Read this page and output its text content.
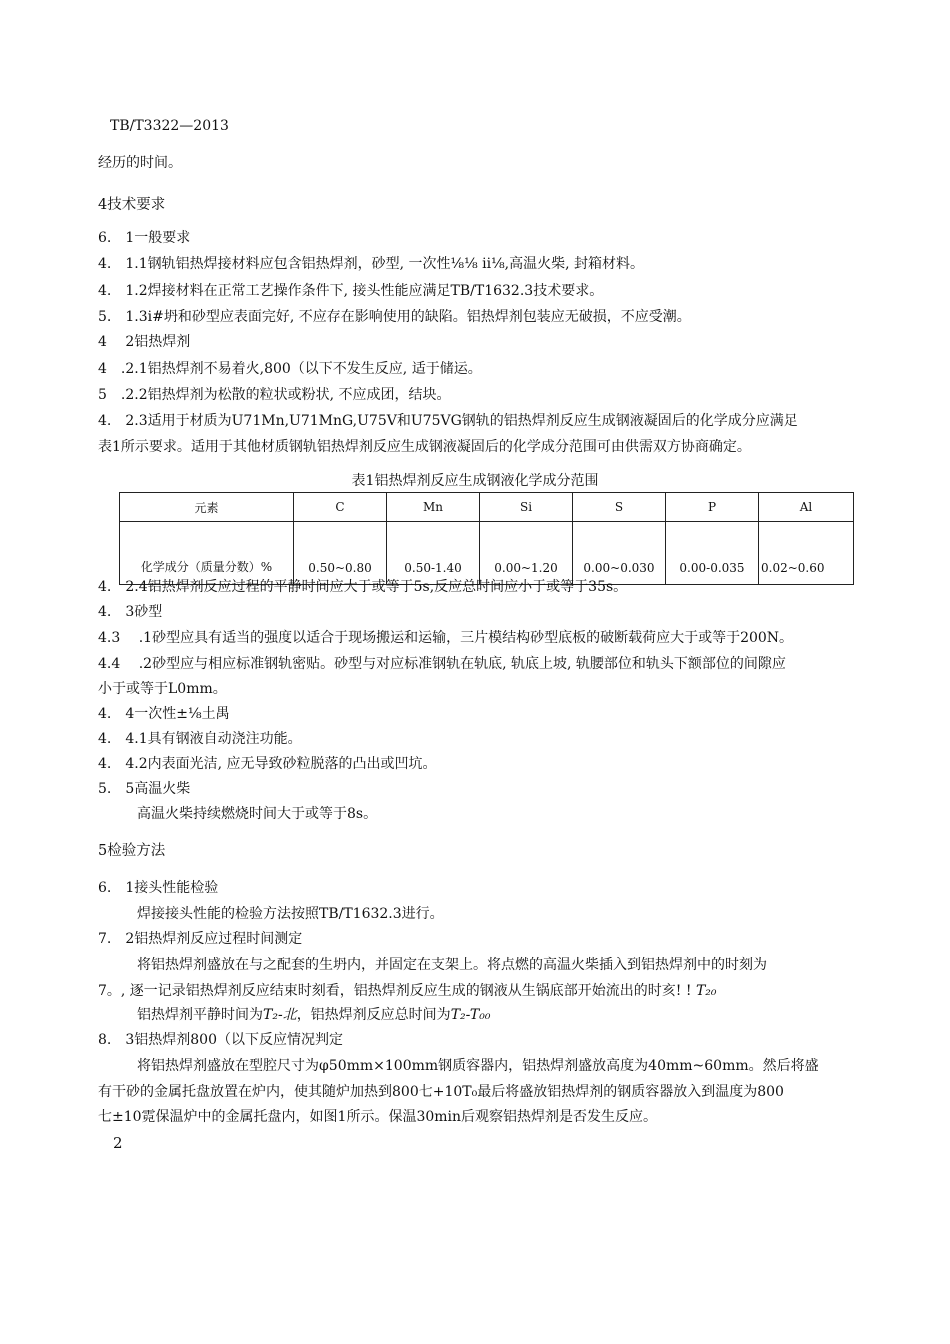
TB/T3322—2013
经历的时间。
4技术要求
6.　1一般要求
4.　1.1钢轨铝热焊接材料应包含铝热焊剂，砂型, 一次性⅛⅛ ii⅛,高温火柴, 封箱材料。
4.　1.2焊接材料在正常工艺操作条件下, 接头性能应满足TB/T1632.3技术要求。
5.　1.3i#坍和砂型应表面完好, 不应存在影响使用的缺陷。铝热焊剂包装应无破损，不应受潮。
4　 2铝热焊剂
4　.2.1铝热焊剂不易着火,800（以下不发生反应, 适于储运。
5　.2.2铝热焊剂为松散的粒状或粉状, 不应成团，结块。
4.　2.3适用于材质为U71Mn,U71MnG,U75V和U75VG钢轨的铝热焊剂反应生成钢液凝固后的化学成分应满足
表1所示要求。适用于其他材质钢轨铝热焊剂反应生成钢液凝固后的化学成分范围可由供需双方协商确定。
表1铝热焊剂反应生成钢液化学成分范围
元素	C	Mn	Si	S	P	Al
化学成分（质量分数）%	0.50~0.80	0.50-1.40	0.00~1.20	0.00~0.030	0.00-0.035	0.02~0.60
4.　2.4铝热焊剂反应过程的平静时间应大于或等于5s,反应总时间应小于或等于35s。
4.　3砂型
4.3　 .1砂型应具有适当的强度以适合于现场搬运和运输，三片模结构砂型底板的破断载荷应大于或等于200N。
4.4　 .2砂型应与相应标准钢轨密贴。砂型与对应标准钢轨在轨底, 轨底上坡, 轨腰部位和轨头下额部位的间隙应
小于或等于L0mm。
4.　4一次性±⅛土禺
4.　4.1具有钢液自动浇注功能。
4.　4.2内表面光洁, 应无导致砂粒脱落的凸出或凹坑。
5.　5高温火柴
高温火柴持续燃烧时间大于或等于8s。
5检验方法
6.　1接头性能检验
焊接接头性能的检验方法按照TB/T1632.3进行。
7.　2铝热焊剂反应过程时间测定
将铝热焊剂盛放在与之配套的生坍内，并固定在支架上。将点燃的高温火柴插入到铝热焊剂中的时刻为
7。, 逐一记录铝热焊剂反应结束时刻看，铝热焊剂反应生成的钢液从生锅底部开始流出的时亥! ! T₂₀
铝热焊剂平静时间为T₂-北，铝热焊剂反应总时间为T₂-T₀₀
8.　3铝热焊剂800（以下反应情况判定
将铝热焊剂盛放在型腔尺寸为φ50mm×100mm钢质容器内，铝热焊剂盛放高度为40mm~60mm。然后将盛
有干砂的金属托盘放置在炉内，使其随炉加热到800七+10T₀最后将盛放铝热焊剂的钢质容器放入到温度为800
七±10霓保温炉中的金属托盘内，如图1所示。保温30min后观察铝热焊剂是否发生反应。
2
